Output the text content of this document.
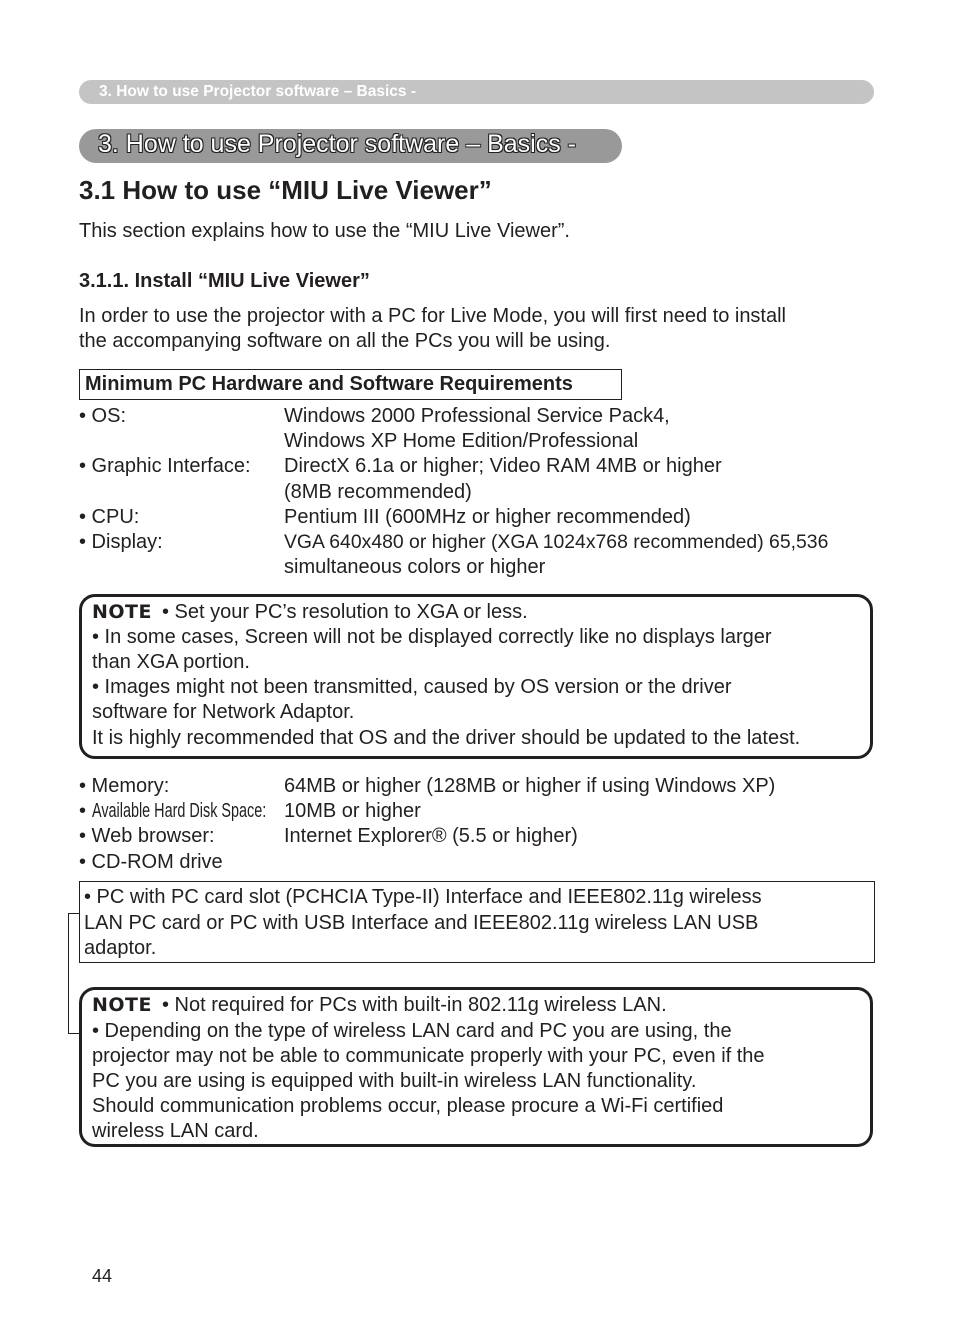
3. How to use Projector software – Basics -
3. How to use Projector software – Basics -
3.1 How to use “MIU Live Viewer”
This section explains how to use the “MIU Live Viewer”.
3.1.1. Install “MIU Live Viewer”
In order to use the projector with a PC for Live Mode, you will first need to install
the accompanying software on all the PCs you will be using.
Minimum PC Hardware and Software Requirements
• OS:	Windows 2000 Professional Service Pack4,
Windows XP Home Edition/Professional
• Graphic Interface: DirectX 6.1a or higher; Video RAM 4MB or higher
(8MB recommended)
• CPU:	Pentium III (600MHz or higher recommended)
• Display:	VGA 640x480 or higher (XGA 1024x768 recommended) 65,536
simultaneous colors or higher
NOTE • Set your PC’s resolution to XGA or less.
• In some cases, Screen will not be displayed correctly like no displays larger
than XGA portion.
• Images might not been transmitted, caused by OS version or the driver
software for Network Adaptor.
It is highly recommended that OS and the driver should be updated to the latest.
• Memory:	64MB or higher (128MB or higher if using Windows XP)
• Available Hard Disk Space: 10MB or higher
• Web browser:	Internet Explorer® (5.5 or higher)
• CD-ROM drive
• PC with PC card slot (PCHCIA Type-II) Interface and IEEE802.11g wireless
LAN PC card or PC with USB Interface and IEEE802.11g wireless LAN USB
adaptor.
NOTE • Not required for PCs with built-in 802.11g wireless LAN.
• Depending on the type of wireless LAN card and PC you are using, the
projector may not be able to communicate properly with your PC, even if the
PC you are using is equipped with built-in wireless LAN functionality.
Should communication problems occur, please procure a Wi-Fi certified
wireless LAN card.
44
